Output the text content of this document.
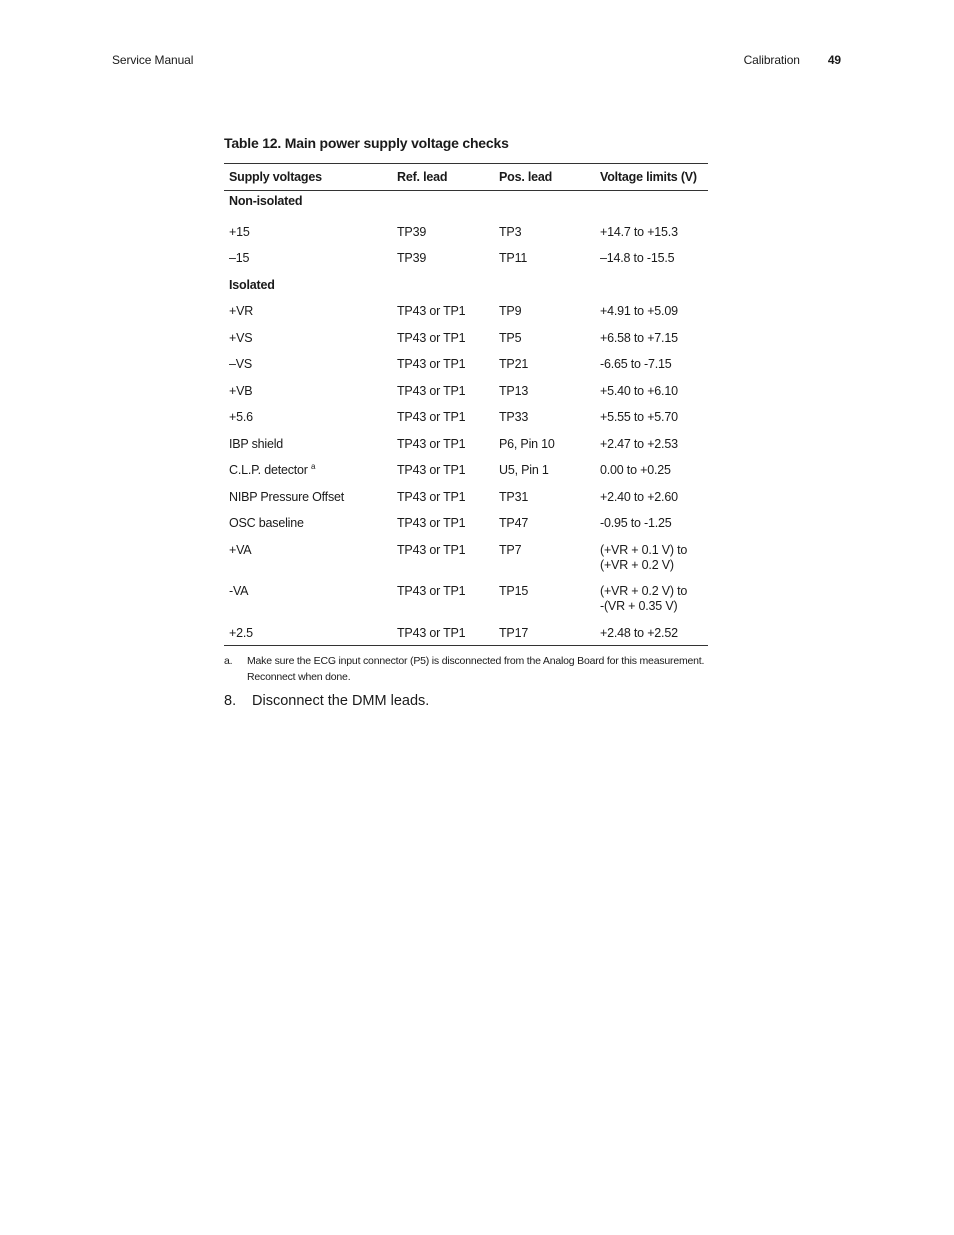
Service Manual	Calibration 49
Table 12. Main power supply voltage checks
Supply voltages	Ref. lead	Pos. lead	Voltage limits (V)
Non-isolated
+15	TP39	TP3	+14.7 to +15.3
–15	TP39	TP11	–14.8 to -15.5
Isolated
+VR	TP43 or TP1	TP9	+4.91 to +5.09
+VS	TP43 or TP1	TP5	+6.58 to +7.15
–VS	TP43 or TP1	TP21	-6.65 to -7.15
+VB	TP43 or TP1	TP13	+5.40 to +6.10
+5.6	TP43 or TP1	TP33	+5.55 to +5.70
IBP shield	TP43 or TP1	P6, Pin 10	+2.47 to +2.53
C.L.P. detector $^a$	TP43 or TP1	U5, Pin 1	0.00 to +0.25
NIBP Pressure Offset	TP43 or TP1	TP31	+2.40 to +2.60
OSC baseline	TP43 or TP1	TP47	-0.95 to -1.25
+VA	TP43 or TP1	TP7	(+VR + 0.1 V) to
(+VR + 0.2 V)
-VA	TP43 or TP1	TP15	(+VR + 0.2 V) to
-(VR + 0.35 V)
+2.5	TP43 or TP1	TP17	+2.48 to +2.52
a.	Make sure the ECG input connector (P5) is disconnected from the Analog Board for this measurement. Reconnect when done.
8.	Disconnect the DMM leads.
